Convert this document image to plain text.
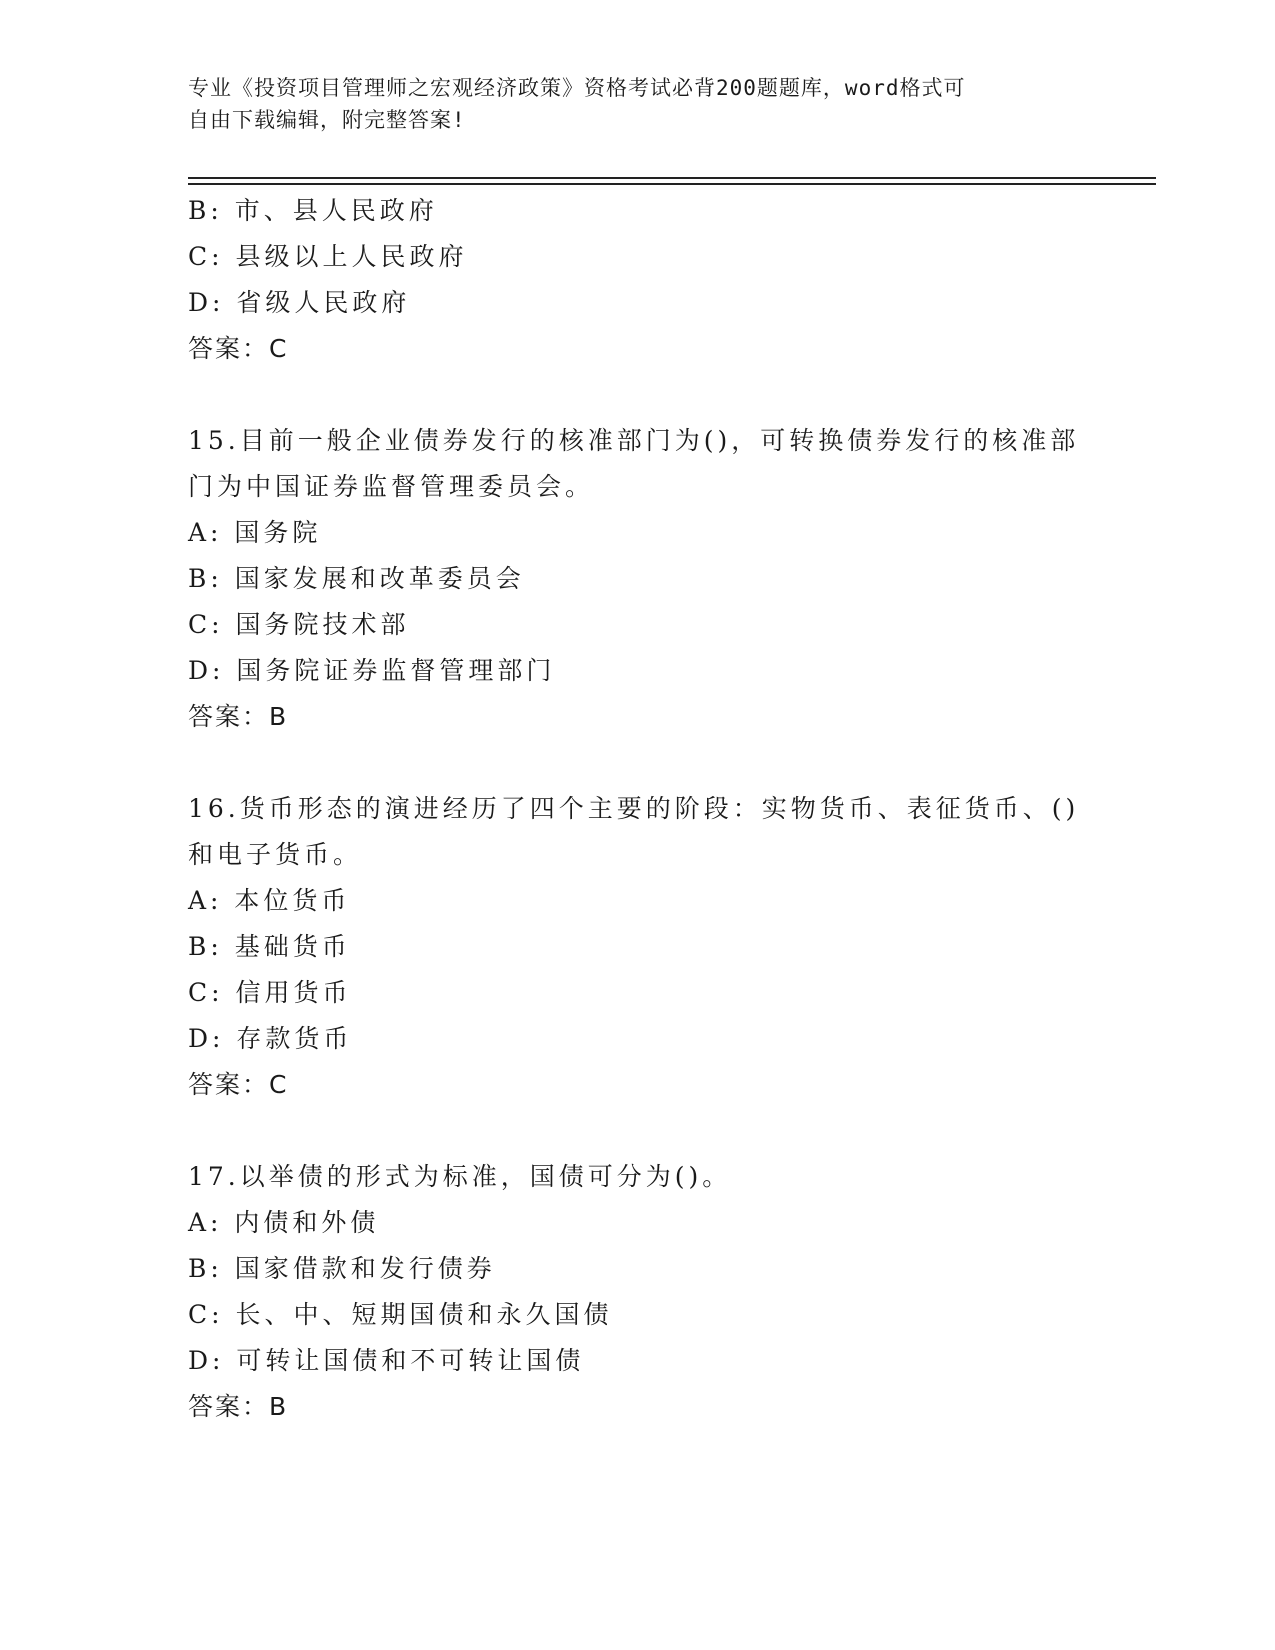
专业《投资项目管理师之宏观经济政策》资格考试必背200题题库，word格式可
自由下载编辑，附完整答案!
B: 市、县人民政府
C: 县级以上人民政府
D: 省级人民政府
答案：C
15.目前一般企业债券发行的核准部门为()，可转换债券发行的核准部
门为中国证券监督管理委员会。
A: 国务院
B: 国家发展和改革委员会
C: 国务院技术部
D: 国务院证券监督管理部门
答案：B
16.货币形态的演进经历了四个主要的阶段：实物货币、表征货币、()
和电子货币。
A: 本位货币
B: 基础货币
C: 信用货币
D: 存款货币
答案：C
17.以举债的形式为标准，国债可分为()。
A: 内债和外债
B: 国家借款和发行债券
C: 长、中、短期国债和永久国债
D: 可转让国债和不可转让国债
答案：B
